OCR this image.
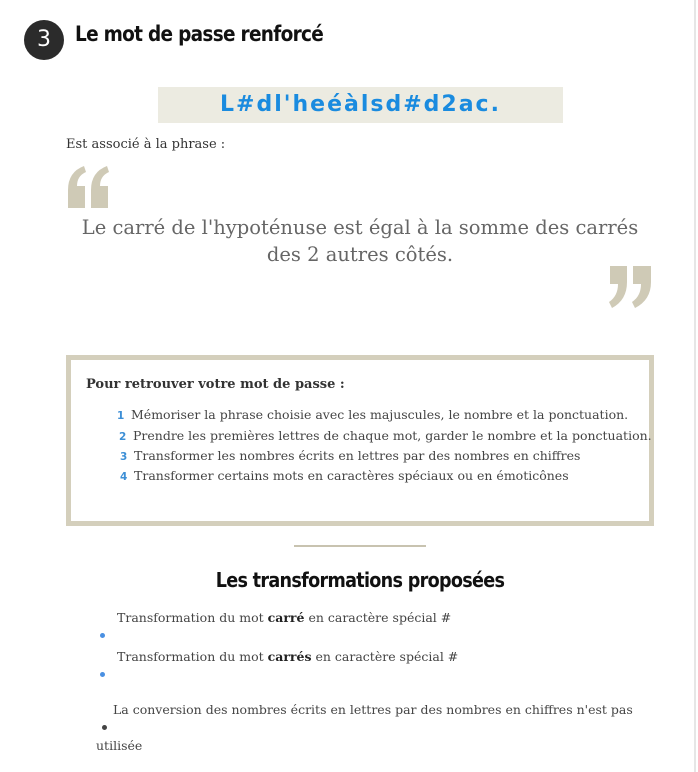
3	Le mot de passe renforcé
L#dl'heéàlsd#d2ac.
Est associé à la phrase :
Le carré de l'hypoténuse est égal à la somme des carrés des 2 autres côtés.
Pour retrouver votre mot de passe :
1 Mémoriser la phrase choisie avec les majuscules, le nombre et la ponctuation.
2 Prendre les premières lettres de chaque mot, garder le nombre et la ponctuation.
3 Transformer les nombres écrits en lettres par des nombres en chiffres
4 Transformer certains mots en caractères spéciaux ou en émoticônes
Les transformations proposées
Transformation du mot carré en caractère spécial #
Transformation du mot carrés en caractère spécial #
La conversion des nombres écrits en lettres par des nombres en chiffres n'est pas
utilisée
